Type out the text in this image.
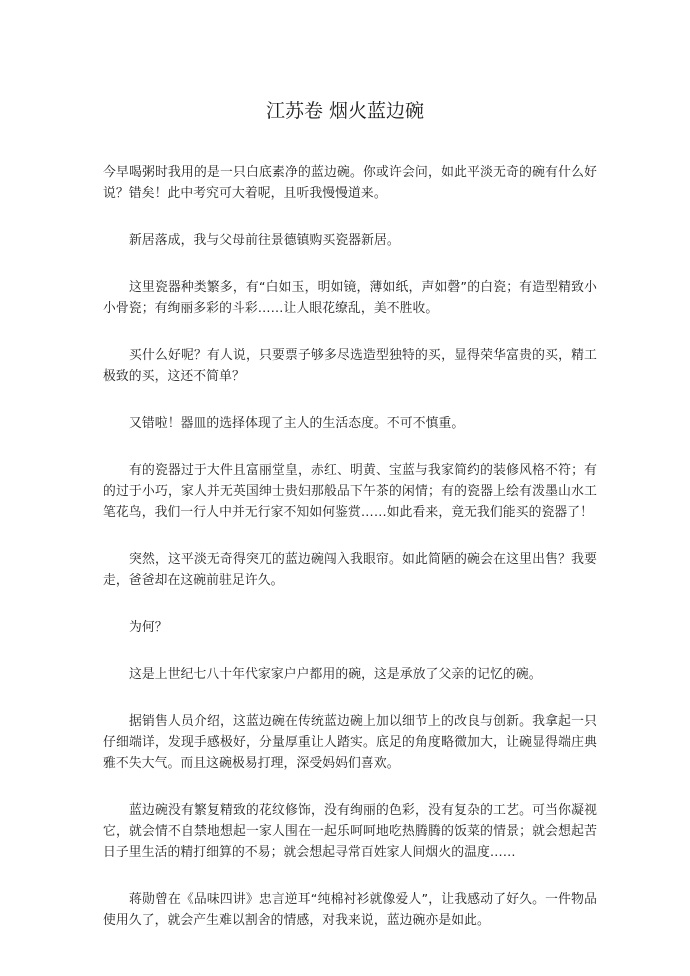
江苏卷 烟火蓝边碗

今早喝粥时我用的是一只白底素净的蓝边碗。你或许会问，如此平淡无奇的碗有什么好说？错矣！此中考究可大着呢，且听我慢慢道来。

新居落成，我与父母前往景德镇购买瓷器新居。

这里瓷器种类繁多，有“白如玉，明如镜，薄如纸，声如磬”的白瓷；有造型精致小小骨瓷；有绚丽多彩的斗彩……让人眼花缭乱，美不胜收。

买什么好呢？有人说，只要票子够多尽选造型独特的买，显得荣华富贵的买，精工极致的买，这还不简单？

又错啦！器皿的选择体现了主人的生活态度。不可不慎重。

有的瓷器过于大件且富丽堂皇，赤红、明黄、宝蓝与我家简约的装修风格不符；有的过于小巧，家人并无英国绅士贵妇那般品下午茶的闲情；有的瓷器上绘有泼墨山水工笔花鸟，我们一行人中并无行家不知如何鉴赏……如此看来，竟无我们能买的瓷器了！

突然，这平淡无奇得突兀的蓝边碗闯入我眼帘。如此简陋的碗会在这里出售？我要走，爸爸却在这碗前驻足许久。

为何？

这是上世纪七八十年代家家户户都用的碗，这是承放了父亲的记忆的碗。

据销售人员介绍，这蓝边碗在传统蓝边碗上加以细节上的改良与创新。我拿起一只仔细端详，发现手感极好，分量厚重让人踏实。底足的角度略微加大，让碗显得端庄典雅不失大气。而且这碗极易打理，深受妈妈们喜欢。

蓝边碗没有繁复精致的花纹修饰，没有绚丽的色彩，没有复杂的工艺。可当你凝视它，就会情不自禁地想起一家人围在一起乐呵呵地吃热腾腾的饭菜的情景；就会想起苦日子里生活的精打细算的不易；就会想起寻常百姓家人间烟火的温度……

蒋勋曾在《品味四讲》忠言逆耳“纯棉衬衫就像爱人”，让我感动了好久。一件物品使用久了，就会产生难以割舍的情感，对我来说，蓝边碗亦是如此。
